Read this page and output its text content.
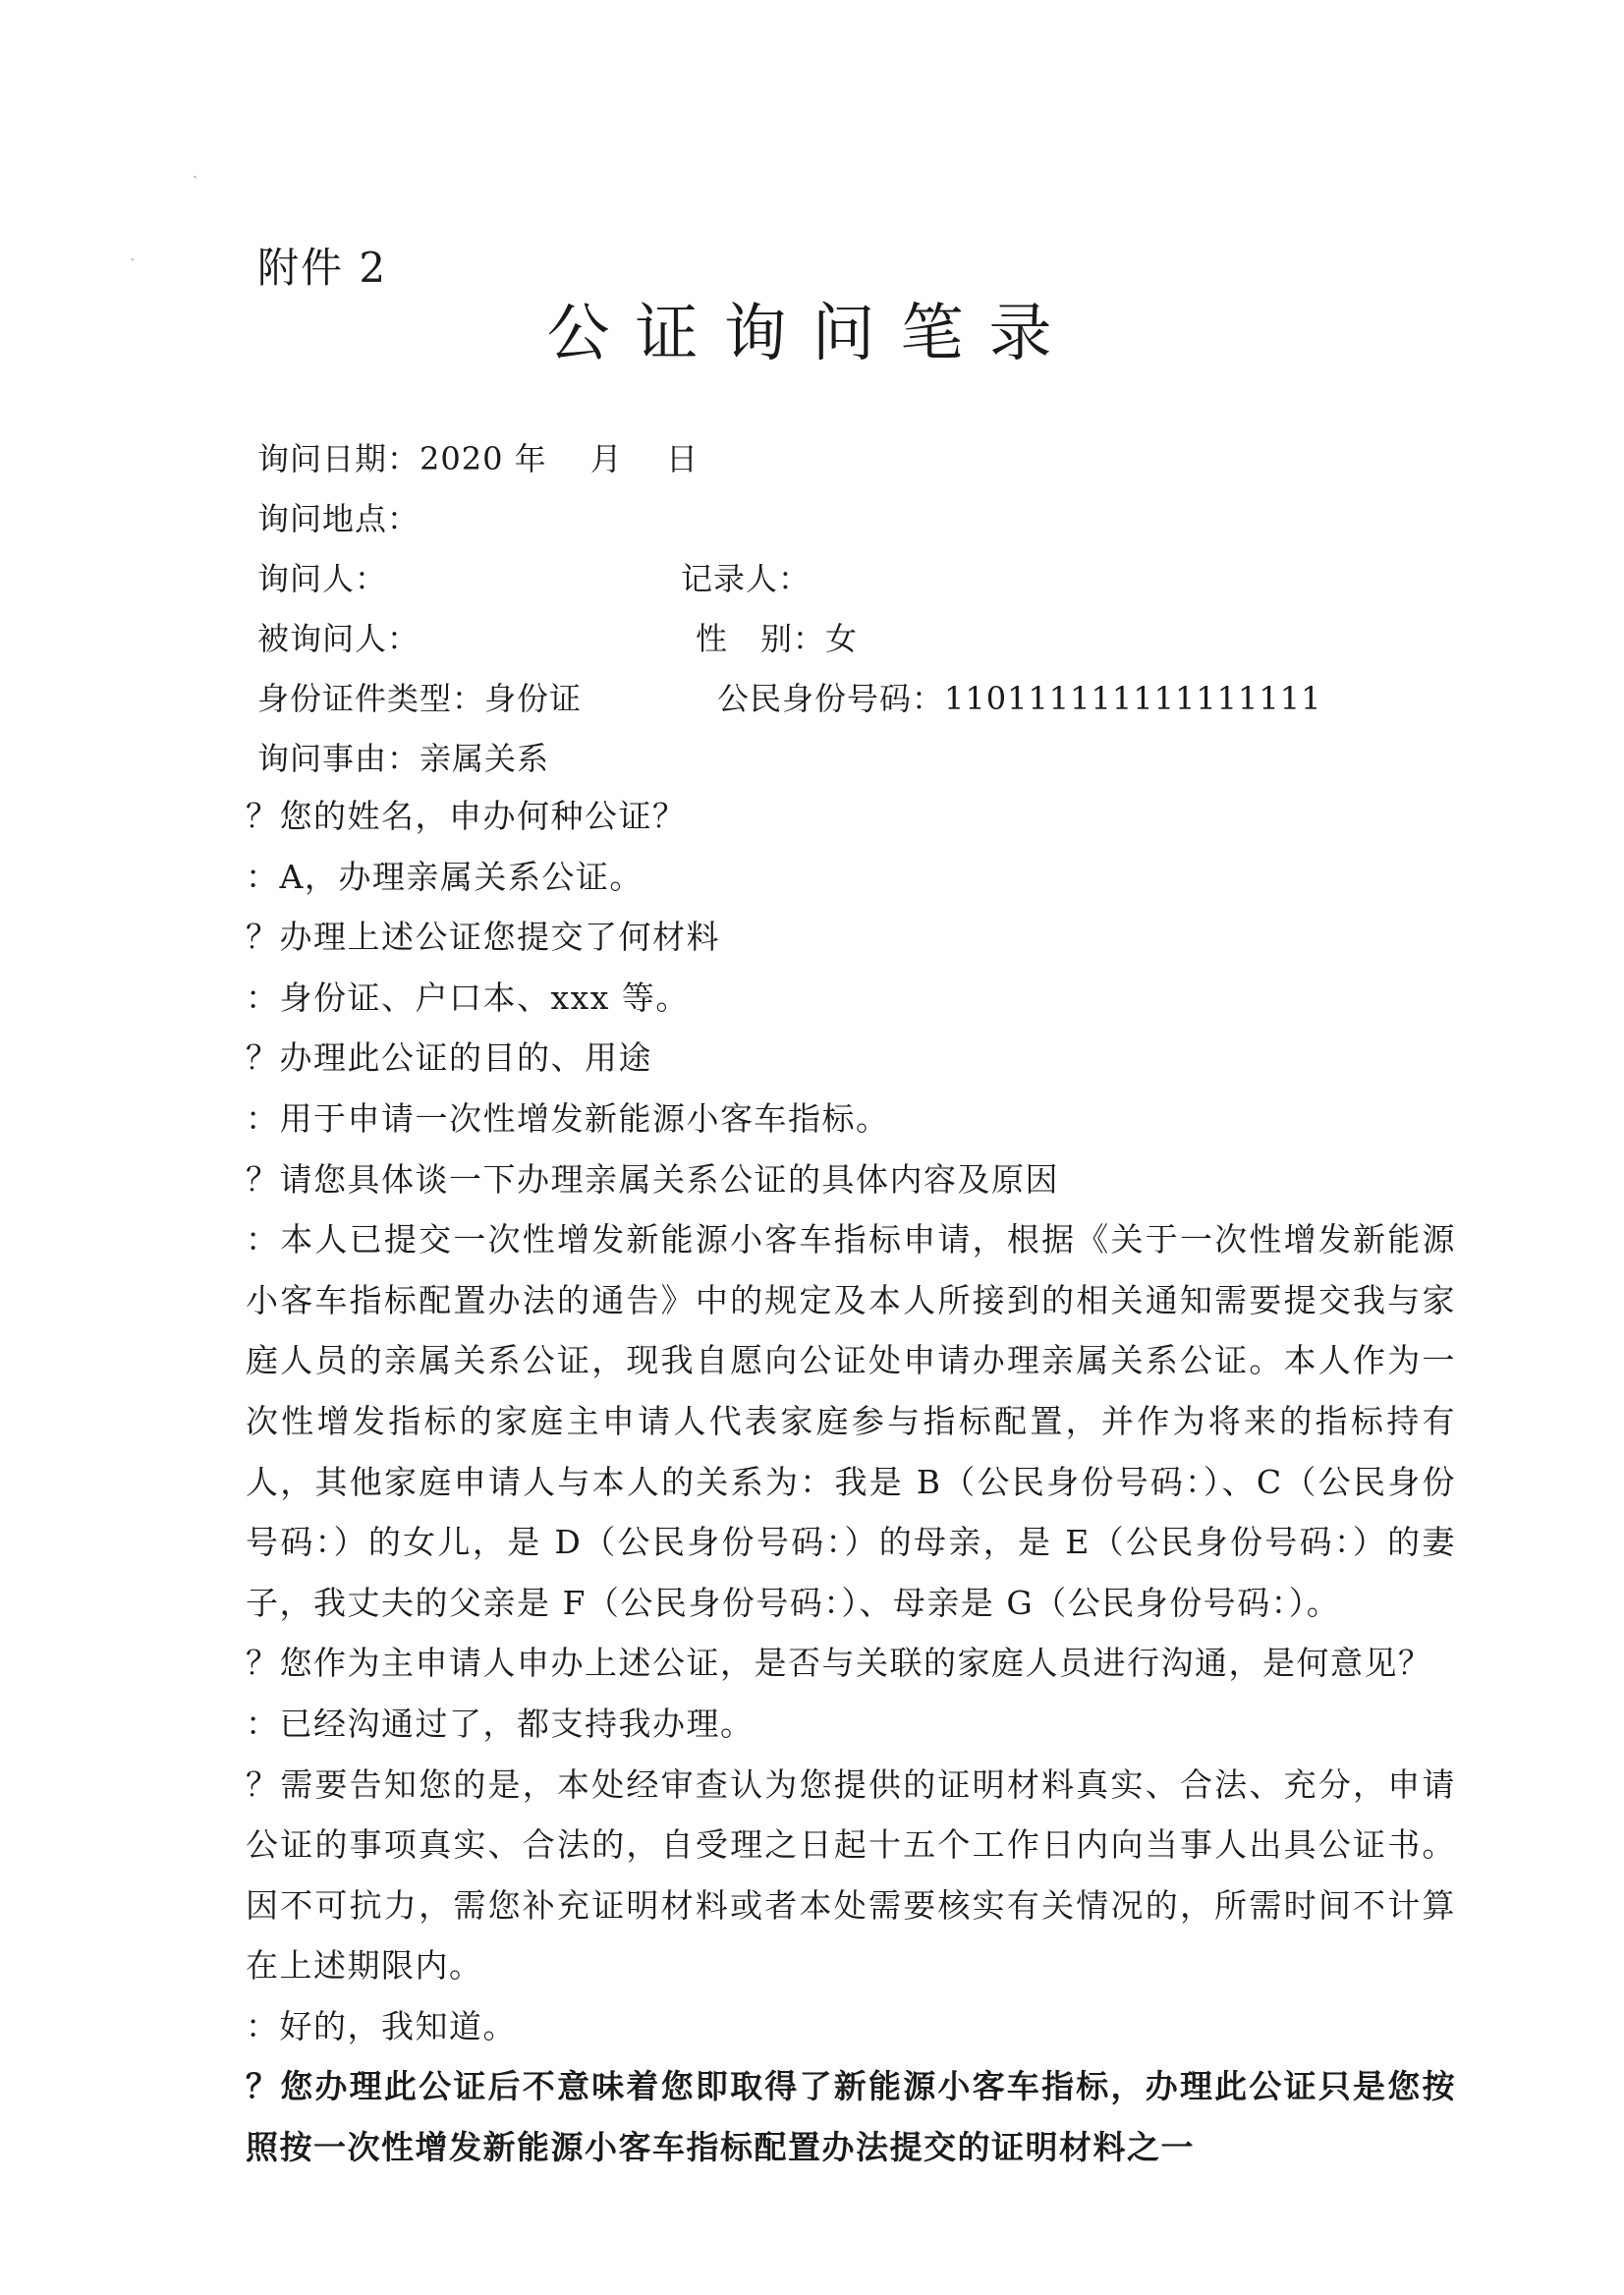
ˋ
ˋ	附件 2
公证询问笔录
询问日期：2020 年　 月　 日
询问地点：
询问人：	记录人：
被询问人：	性　别：女
身份证件类型：身份证	公民身份号码：110111111111111111
询问事由：亲属关系

？您的姓名，申办何种公证？

：A，办理亲属关系公证。

？办理上述公证您提交了何材料

：身份证、户口本、xxx 等。

？办理此公证的目的、用途

：用于申请一次性增发新能源小客车指标。

？请您具体谈一下办理亲属关系公证的具体内容及原因

：本人已提交一次性增发新能源小客车指标申请，根据《关于一次性增发新能源小客车指标配置办法的通告》中的规定及本人所接到的相关通知需要提交我与家庭人员的亲属关系公证，现我自愿向公证处申请办理亲属关系公证。本人作为一次性增发指标的家庭主申请人代表家庭参与指标配置，并作为将来的指标持有人，其他家庭申请人与本人的关系为：我是 B（公民身份号码：）、C（公民身份号码：）的女儿，是 D（公民身份号码：）的母亲，是 E（公民身份号码：）的妻子，我丈夫的父亲是 F（公民身份号码：）、母亲是 G（公民身份号码：）。

？您作为主申请人申办上述公证，是否与关联的家庭人员进行沟通，是何意见？

：已经沟通过了，都支持我办理。

？需要告知您的是，本处经审查认为您提供的证明材料真实、合法、充分，申请公证的事项真实、合法的，自受理之日起十五个工作日内向当事人出具公证书。因不可抗力，需您补充证明材料或者本处需要核实有关情况的，所需时间不计算在上述期限内。

：好的，我知道。

？您办理此公证后不意味着您即取得了新能源小客车指标，办理此公证只是您按照按一次性增发新能源小客车指标配置办法提交的证明材料之一
